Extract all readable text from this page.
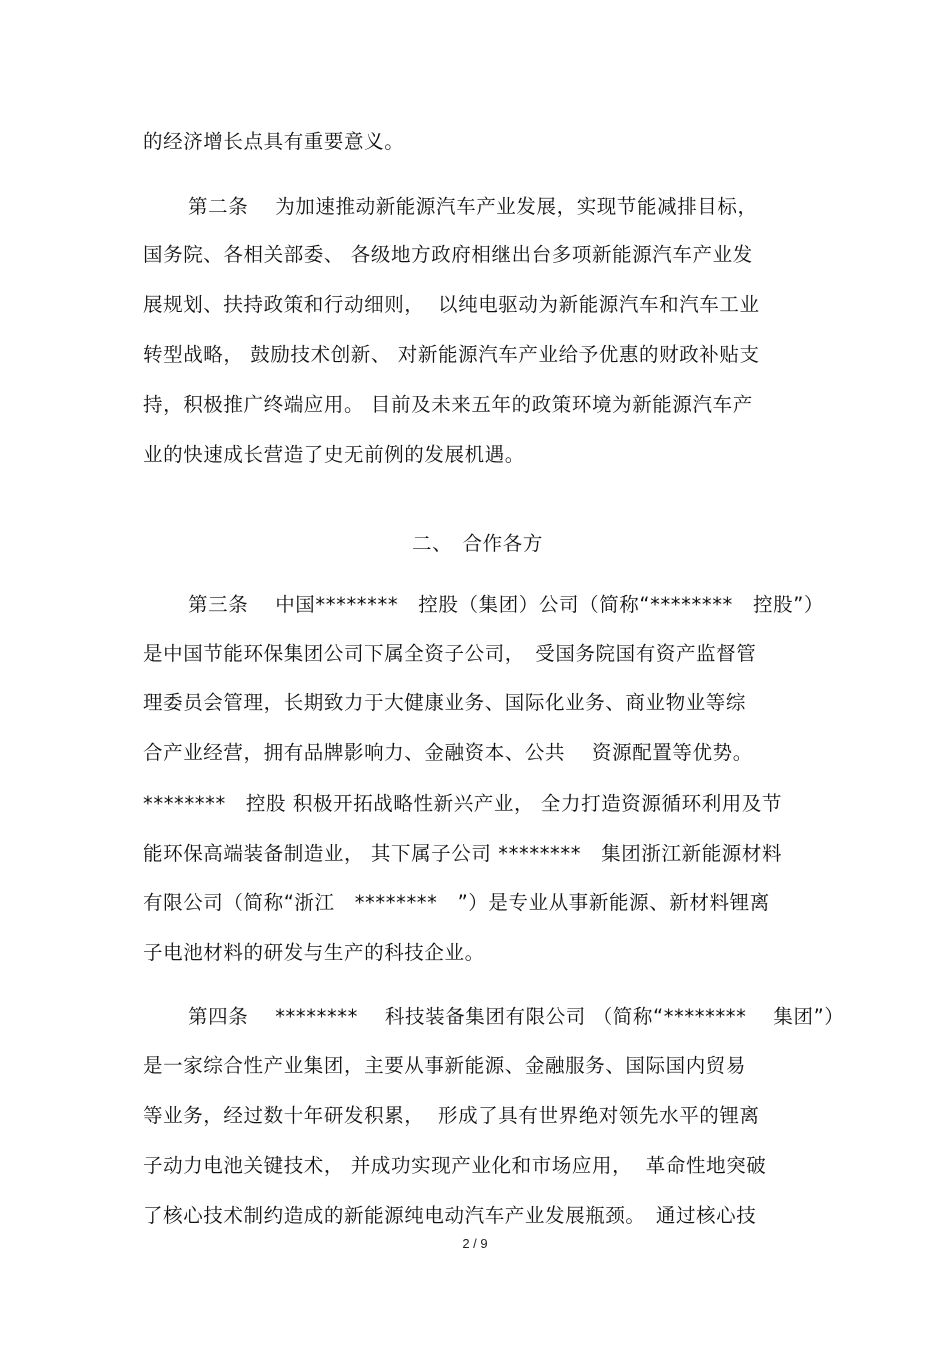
的经济增长点具有重要意义。
第二条　 为加速推动新能源汽车产业发展，实现节能减排目标，
国务院、各相关部委、 各级地方政府相继出台多项新能源汽车产业发
展规划、扶持政策和行动细则，  以纯电驱动为新能源汽车和汽车工业
转型战略， 鼓励技术创新、 对新能源汽车产业给予优惠的财政补贴支
持，积极推广终端应用。 目前及未来五年的政策环境为新能源汽车产
业的快速成长营造了史无前例的发展机遇。
二、　合作各方
第三条　 中国********　控股（集团）公司（简称“********　控股”）
是中国节能环保集团公司下属全资子公司，　受国务院国有资产监督管
理委员会管理，长期致力于大健康业务、国际化业务、商业物业等综
合产业经营，拥有品牌影响力、金融资本、公共　 资源配置等优势。
********　控股 积极开拓战略性新兴产业， 全力打造资源循环利用及节
能环保高端装备制造业， 其下属子公司 ********　集团浙江新能源材料
有限公司（简称“浙江　********　”）是专业从事新能源、新材料锂离
子电池材料的研发与生产的科技企业。
第四条　 ********　 科技装备集团有限公司 （简称“********　 集团”）
是一家综合性产业集团，主要从事新能源、金融服务、国际国内贸易
等业务，经过数十年研发积累，  形成了具有世界绝对领先水平的锂离
子动力电池关键技术， 并成功实现产业化和市场应用，  革命性地突破
了核心技术制约造成的新能源纯电动汽车产业发展瓶颈。　通过核心技
2 / 9
